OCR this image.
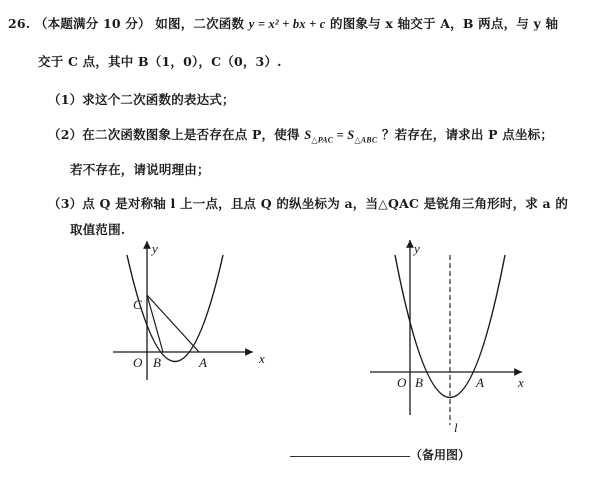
26. （本题满分 10 分） 如图，二次函数 y = x² + bx + c 的图象与 x 轴交于 A，B 两点，与 y 轴
交于 C 点，其中 B（1，0），C（0，3）.
（1）求这个二次函数的表达式；
（2）在二次函数图象上是否存在点 P，使得 $S_{\triangle PAC} = S_{\triangle ABC}$ ？若存在，请求出 P 点坐标；
若不存在，请说明理由；
（3）点 Q 是对称轴 l 上一点，且点 Q 的纵坐标为 a，当△QAC 是锐角三角形时，求 a 的
取值范围.
x
y
O B	A
C
x
y
O B	A
l
（备用图）
